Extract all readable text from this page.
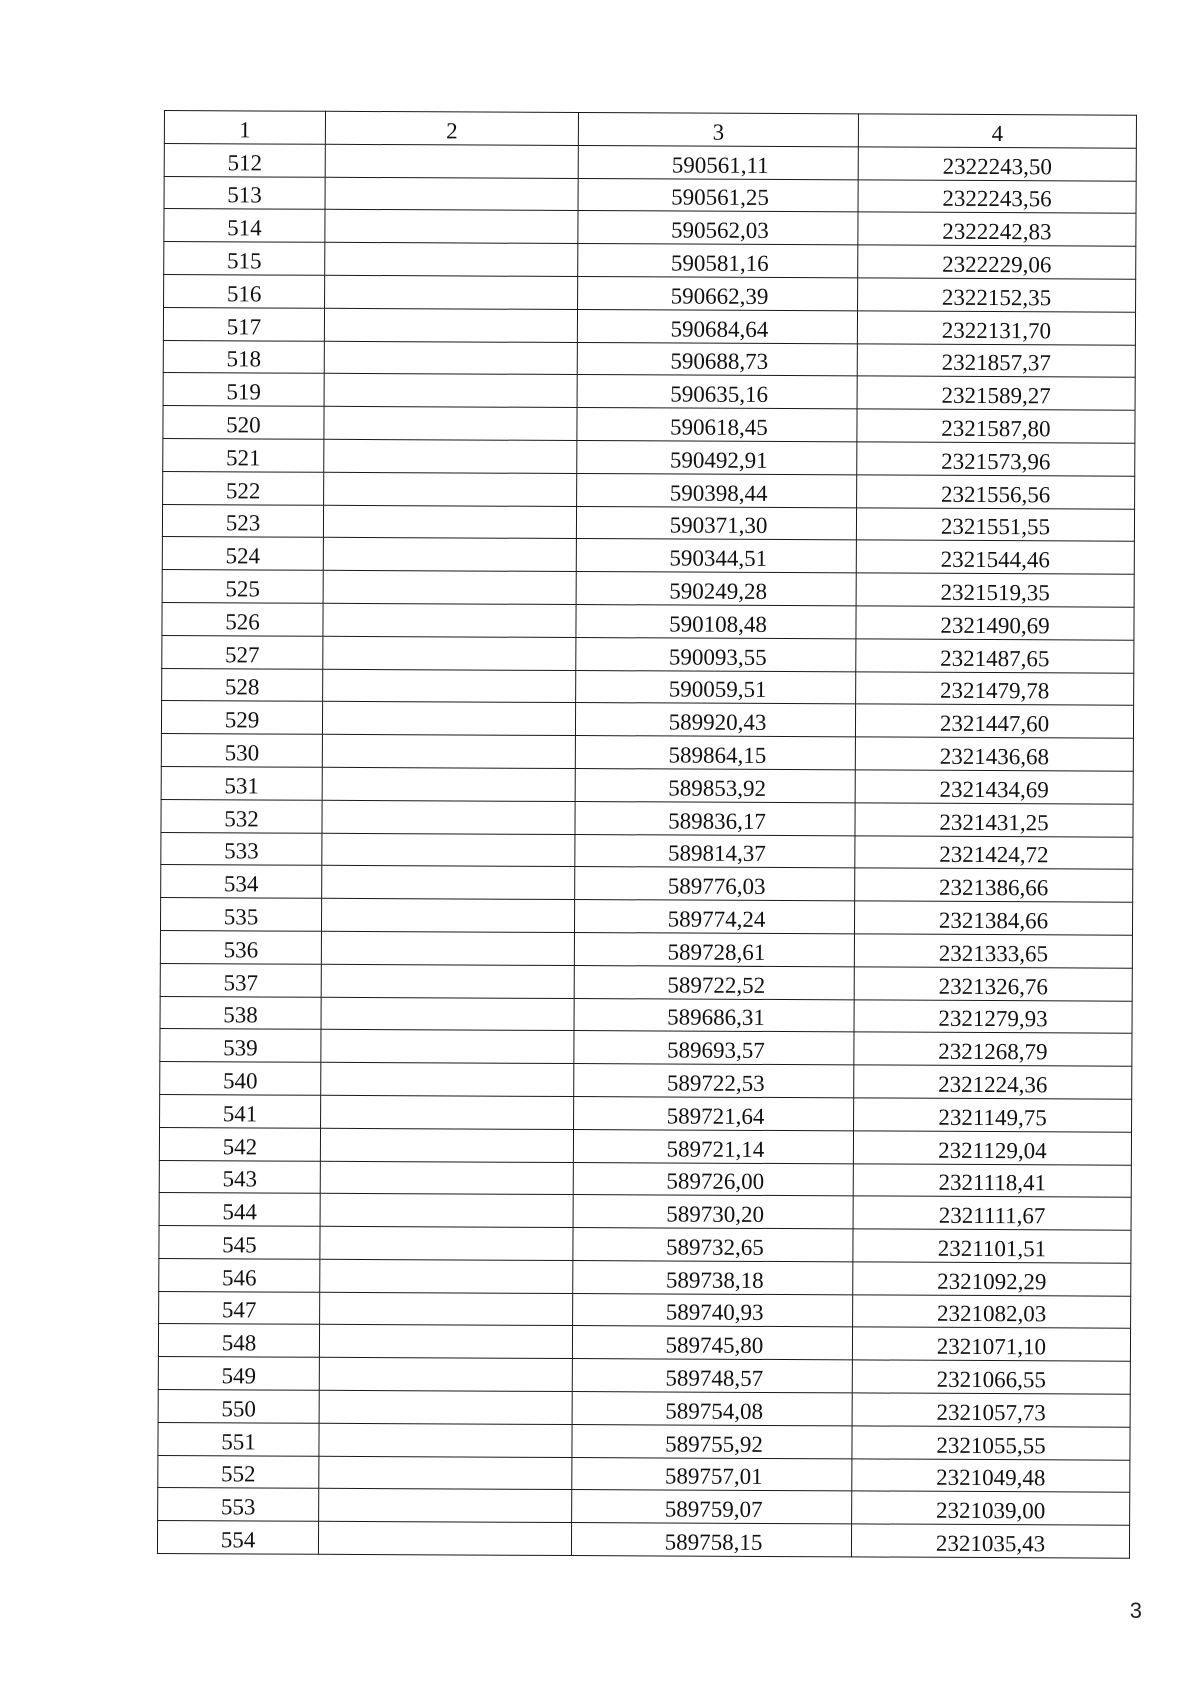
1	2	3	4

512		590561,11	2322243,50

513		590561,25	2322243,56

514		590562,03	2322242,83

515		590581,16	2322229,06

516		590662,39	2322152,35

517		590684,64	2322131,70

518		590688,73	2321857,37

519		590635,16	2321589,27

520		590618,45	2321587,80

521		590492,91	2321573,96

522		590398,44	2321556,56

523		590371,30	2321551,55

524		590344,51	2321544,46

525		590249,28	2321519,35

526		590108,48	2321490,69

527		590093,55	2321487,65

528		590059,51	2321479,78

529		589920,43	2321447,60

530		589864,15	2321436,68

531		589853,92	2321434,69

532		589836,17	2321431,25

533		589814,37	2321424,72

534		589776,03	2321386,66

535		589774,24	2321384,66

536		589728,61	2321333,65

537		589722,52	2321326,76

538		589686,31	2321279,93

539		589693,57	2321268,79

540		589722,53	2321224,36

541		589721,64	2321149,75

542		589721,14	2321129,04

543		589726,00	2321118,41

544		589730,20	2321111,67

545		589732,65	2321101,51

546		589738,18	2321092,29

547		589740,93	2321082,03

548		589745,80	2321071,10

549		589748,57	2321066,55

550		589754,08	2321057,73

551		589755,92	2321055,55

552		589757,01	2321049,48

553		589759,07	2321039,00

554		589758,15	2321035,43
3
